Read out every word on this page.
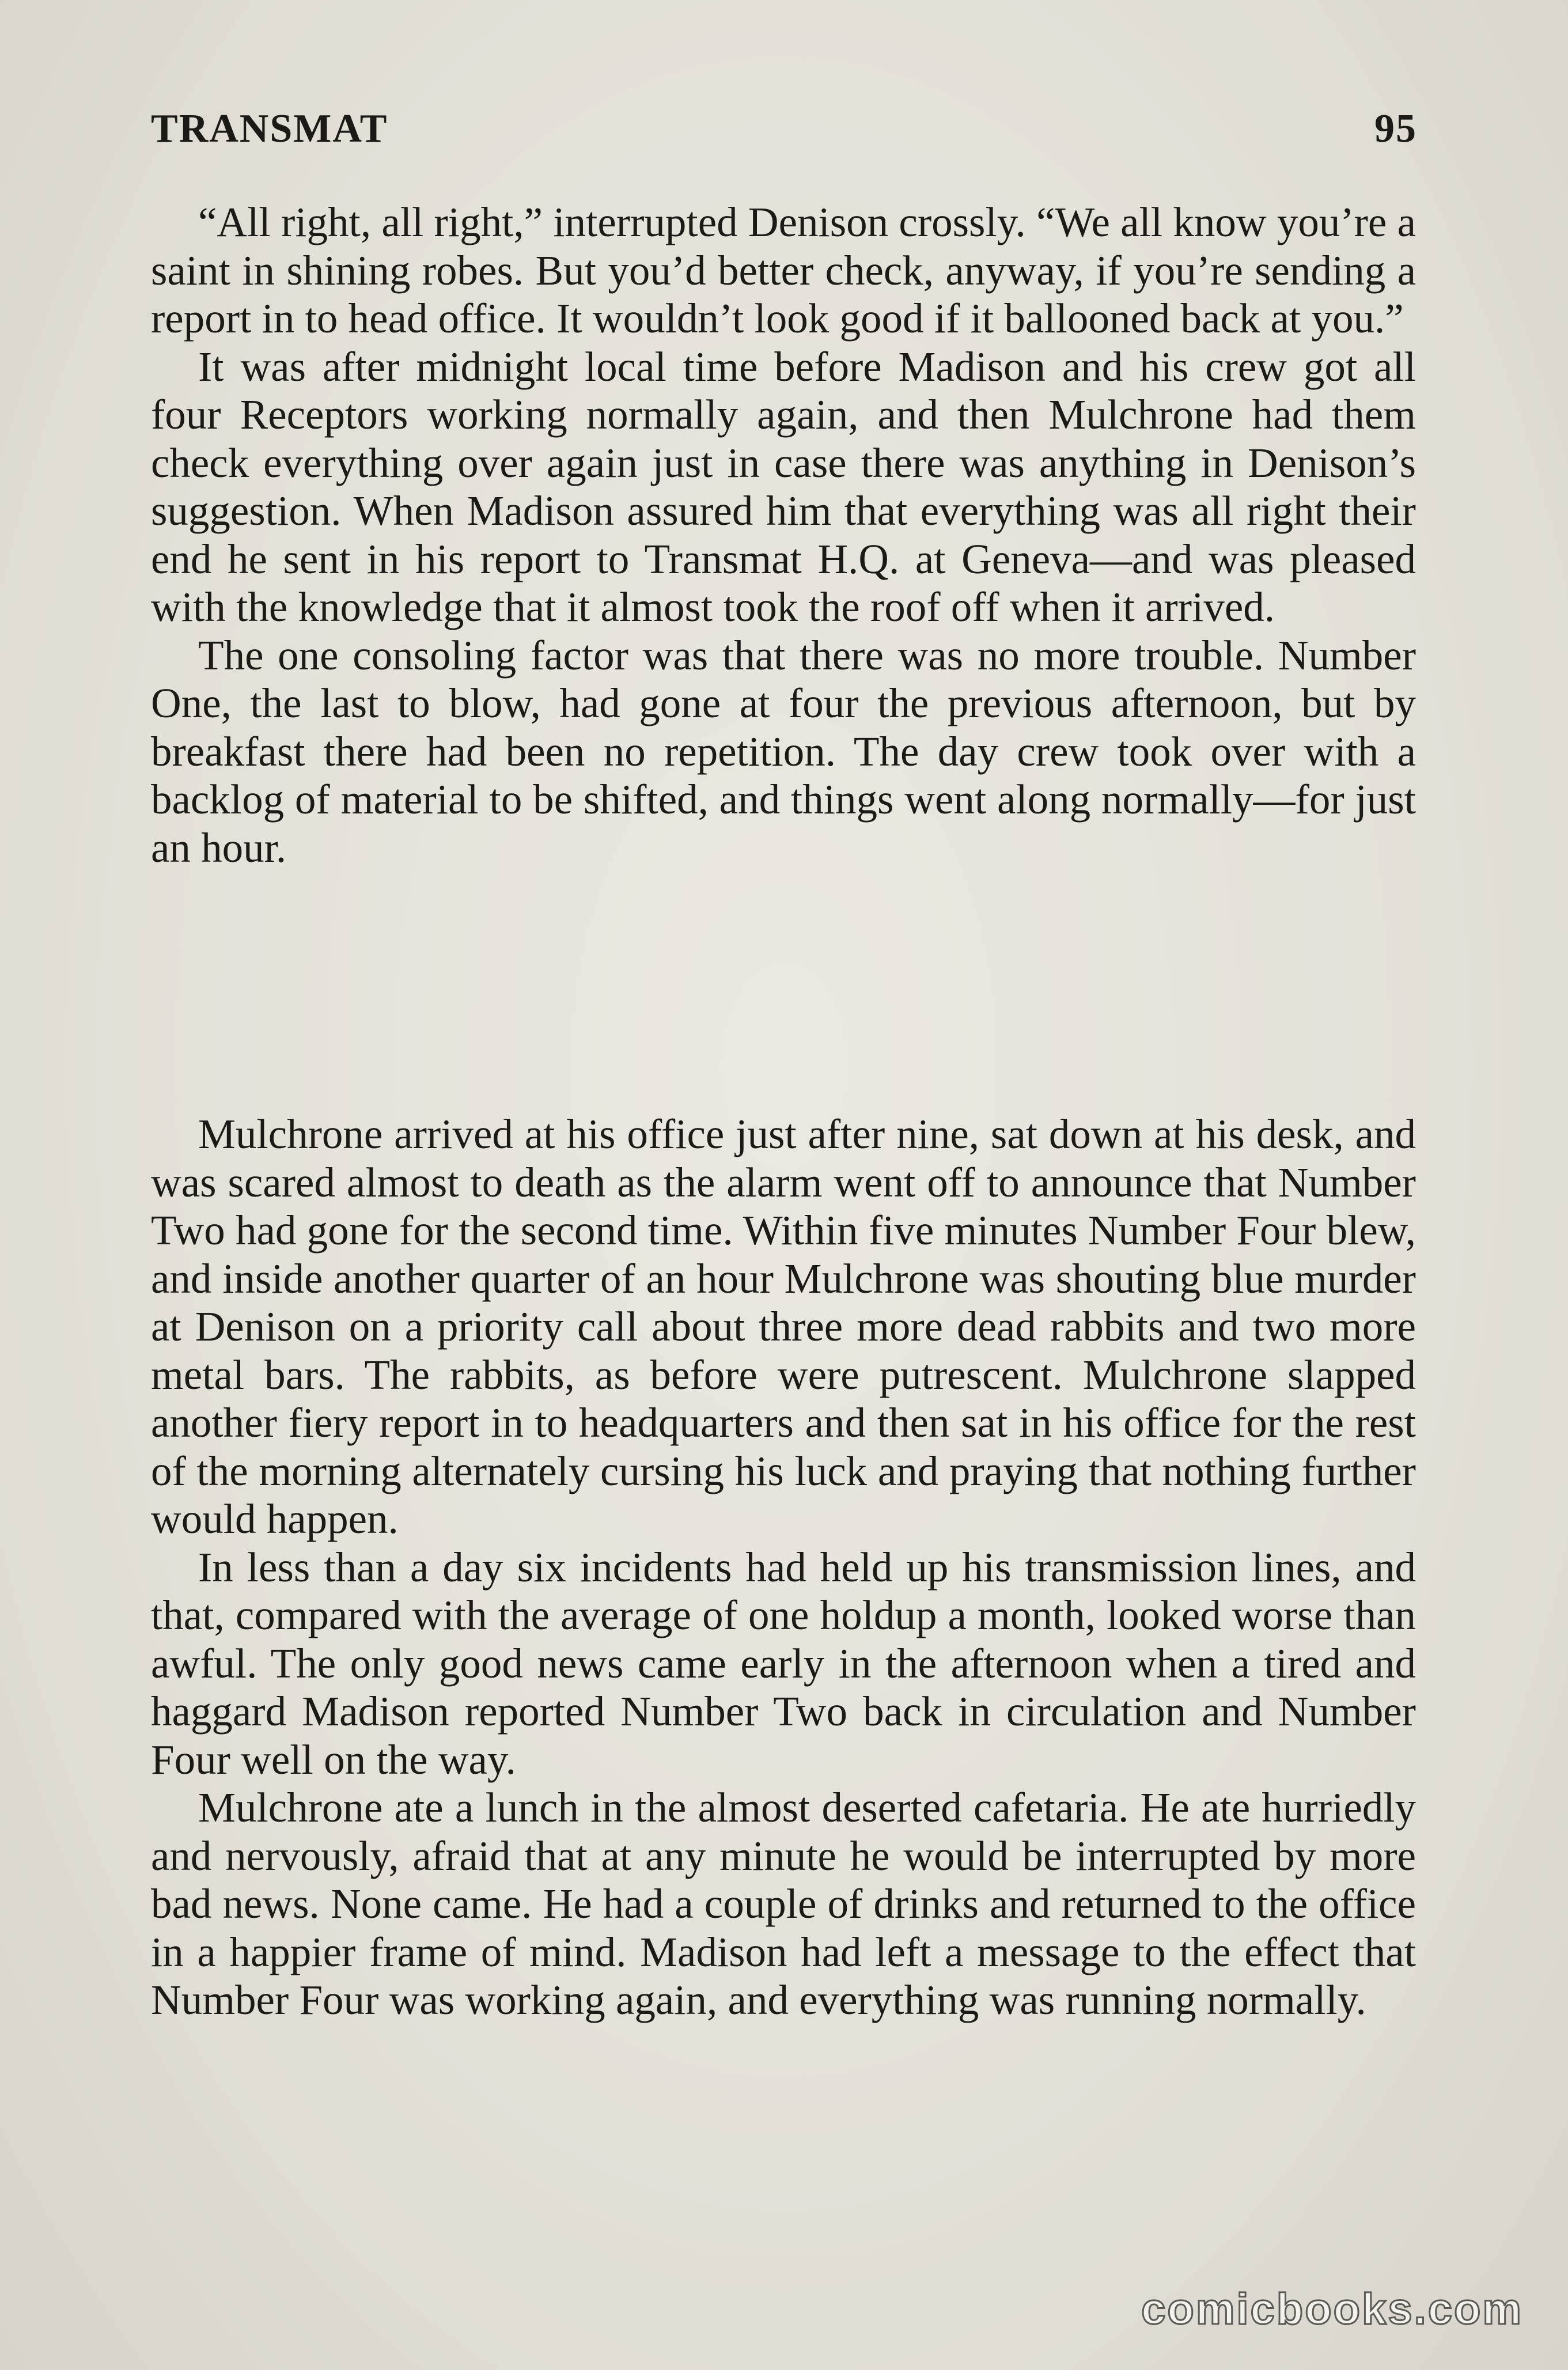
TRANSMAT	95

“All right, all right,” interrupted Denison crossly. “We all know you’re a saint in shining robes. But you’d better check, anyway, if you’re sending a report in to head office. It wouldn’t look good if it ballooned back at you.”

It was after midnight local time before Madison and his crew got all four Receptors working normally again, and then Mulchrone had them check everything over again just in case there was anything in Denison’s suggestion. When Madison assured him that everything was all right their end he sent in his report to Transmat H.Q. at Geneva—and was pleased with the knowledge that it almost took the roof off when it arrived.

The one consoling factor was that there was no more trouble. Number One, the last to blow, had gone at four the previous afternoon, but by breakfast there had been no repetition. The day crew took over with a backlog of material to be shifted, and things went along normally—for just an hour.

Mulchrone arrived at his office just after nine, sat down at his desk, and was scared almost to death as the alarm went off to announce that Number Two had gone for the second time. Within five minutes Number Four blew, and inside another quarter of an hour Mulchrone was shouting blue murder at Denison on a priority call about three more dead rabbits and two more metal bars. The rabbits, as before were putrescent. Mulchrone slapped another fiery report in to headquarters and then sat in his office for the rest of the morning alternately cursing his luck and praying that nothing further would happen.

In less than a day six incidents had held up his transmission lines, and that, compared with the average of one holdup a month, looked worse than awful. The only good news came early in the afternoon when a tired and haggard Madison reported Number Two back in circulation and Number Four well on the way.

Mulchrone ate a lunch in the almost deserted cafetaria. He ate hurriedly and nervously, afraid that at any minute he would be interrupted by more bad news. None came. He had a couple of drinks and returned to the office in a happier frame of mind. Madison had left a message to the effect that Number Four was working again, and everything was running normally.

comicbooks.com
